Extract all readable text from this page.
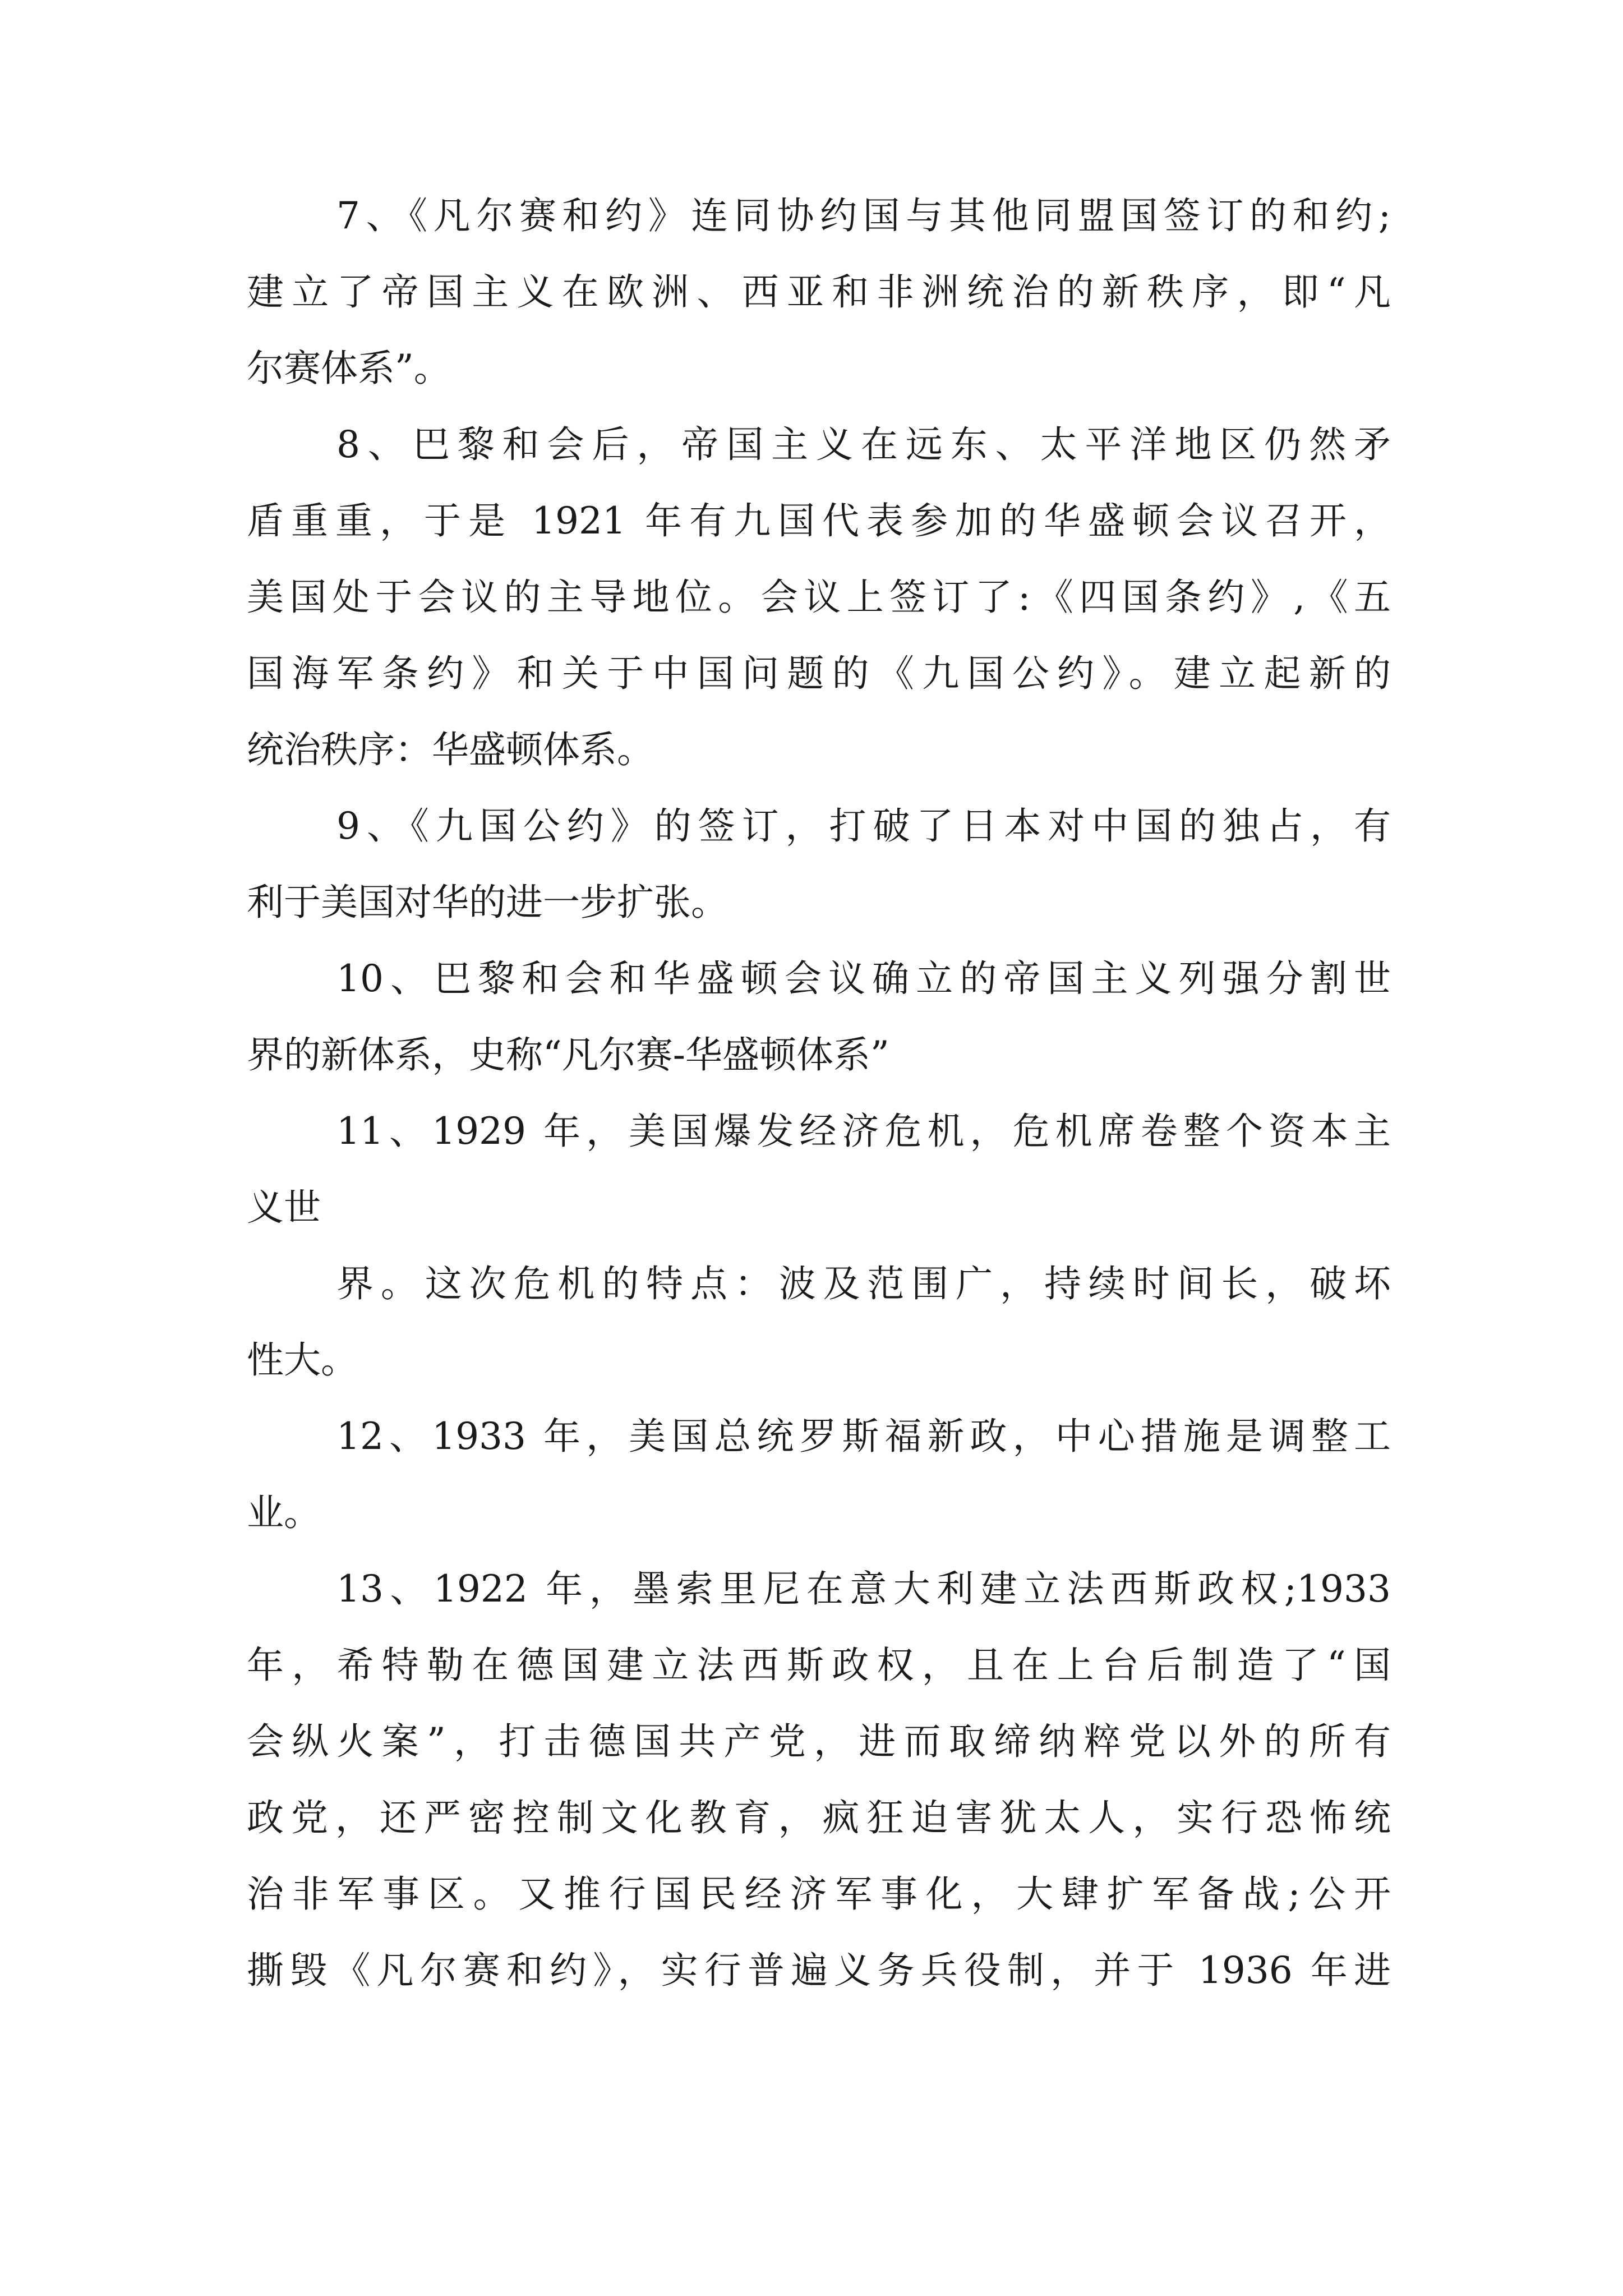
7、《凡尔赛和约》连同协约国与其他同盟国签订的和约;
建立了帝国主义在欧洲、西亚和非洲统治的新秩序，即“凡
尔赛体系”。
8、巴黎和会后，帝国主义在远东、太平洋地区仍然矛
盾重重，于是 1921 年有九国代表参加的华盛顿会议召开，
美国处于会议的主导地位。会议上签订了:《四国条约》,《五
国海军条约》和关于中国问题的《九国公约》。建立起新的
统治秩序：华盛顿体系。
9、《九国公约》的签订，打破了日本对中国的独占，有
利于美国对华的进一步扩张。
10、巴黎和会和华盛顿会议确立的帝国主义列强分割世
界的新体系，史称“凡尔赛-华盛顿体系”
11、1929 年，美国爆发经济危机，危机席卷整个资本主
义世
界。这次危机的特点：波及范围广，持续时间长，破坏
性大。
12、1933 年，美国总统罗斯福新政，中心措施是调整工
业。
13、1922 年，墨索里尼在意大利建立法西斯政权;1933
年，希特勒在德国建立法西斯政权，且在上台后制造了“国
会纵火案”，打击德国共产党，进而取缔纳粹党以外的所有
政党，还严密控制文化教育，疯狂迫害犹太人，实行恐怖统
治非军事区。又推行国民经济军事化，大肆扩军备战;公开
撕毁《凡尔赛和约》，实行普遍义务兵役制，并于 1936 年进
